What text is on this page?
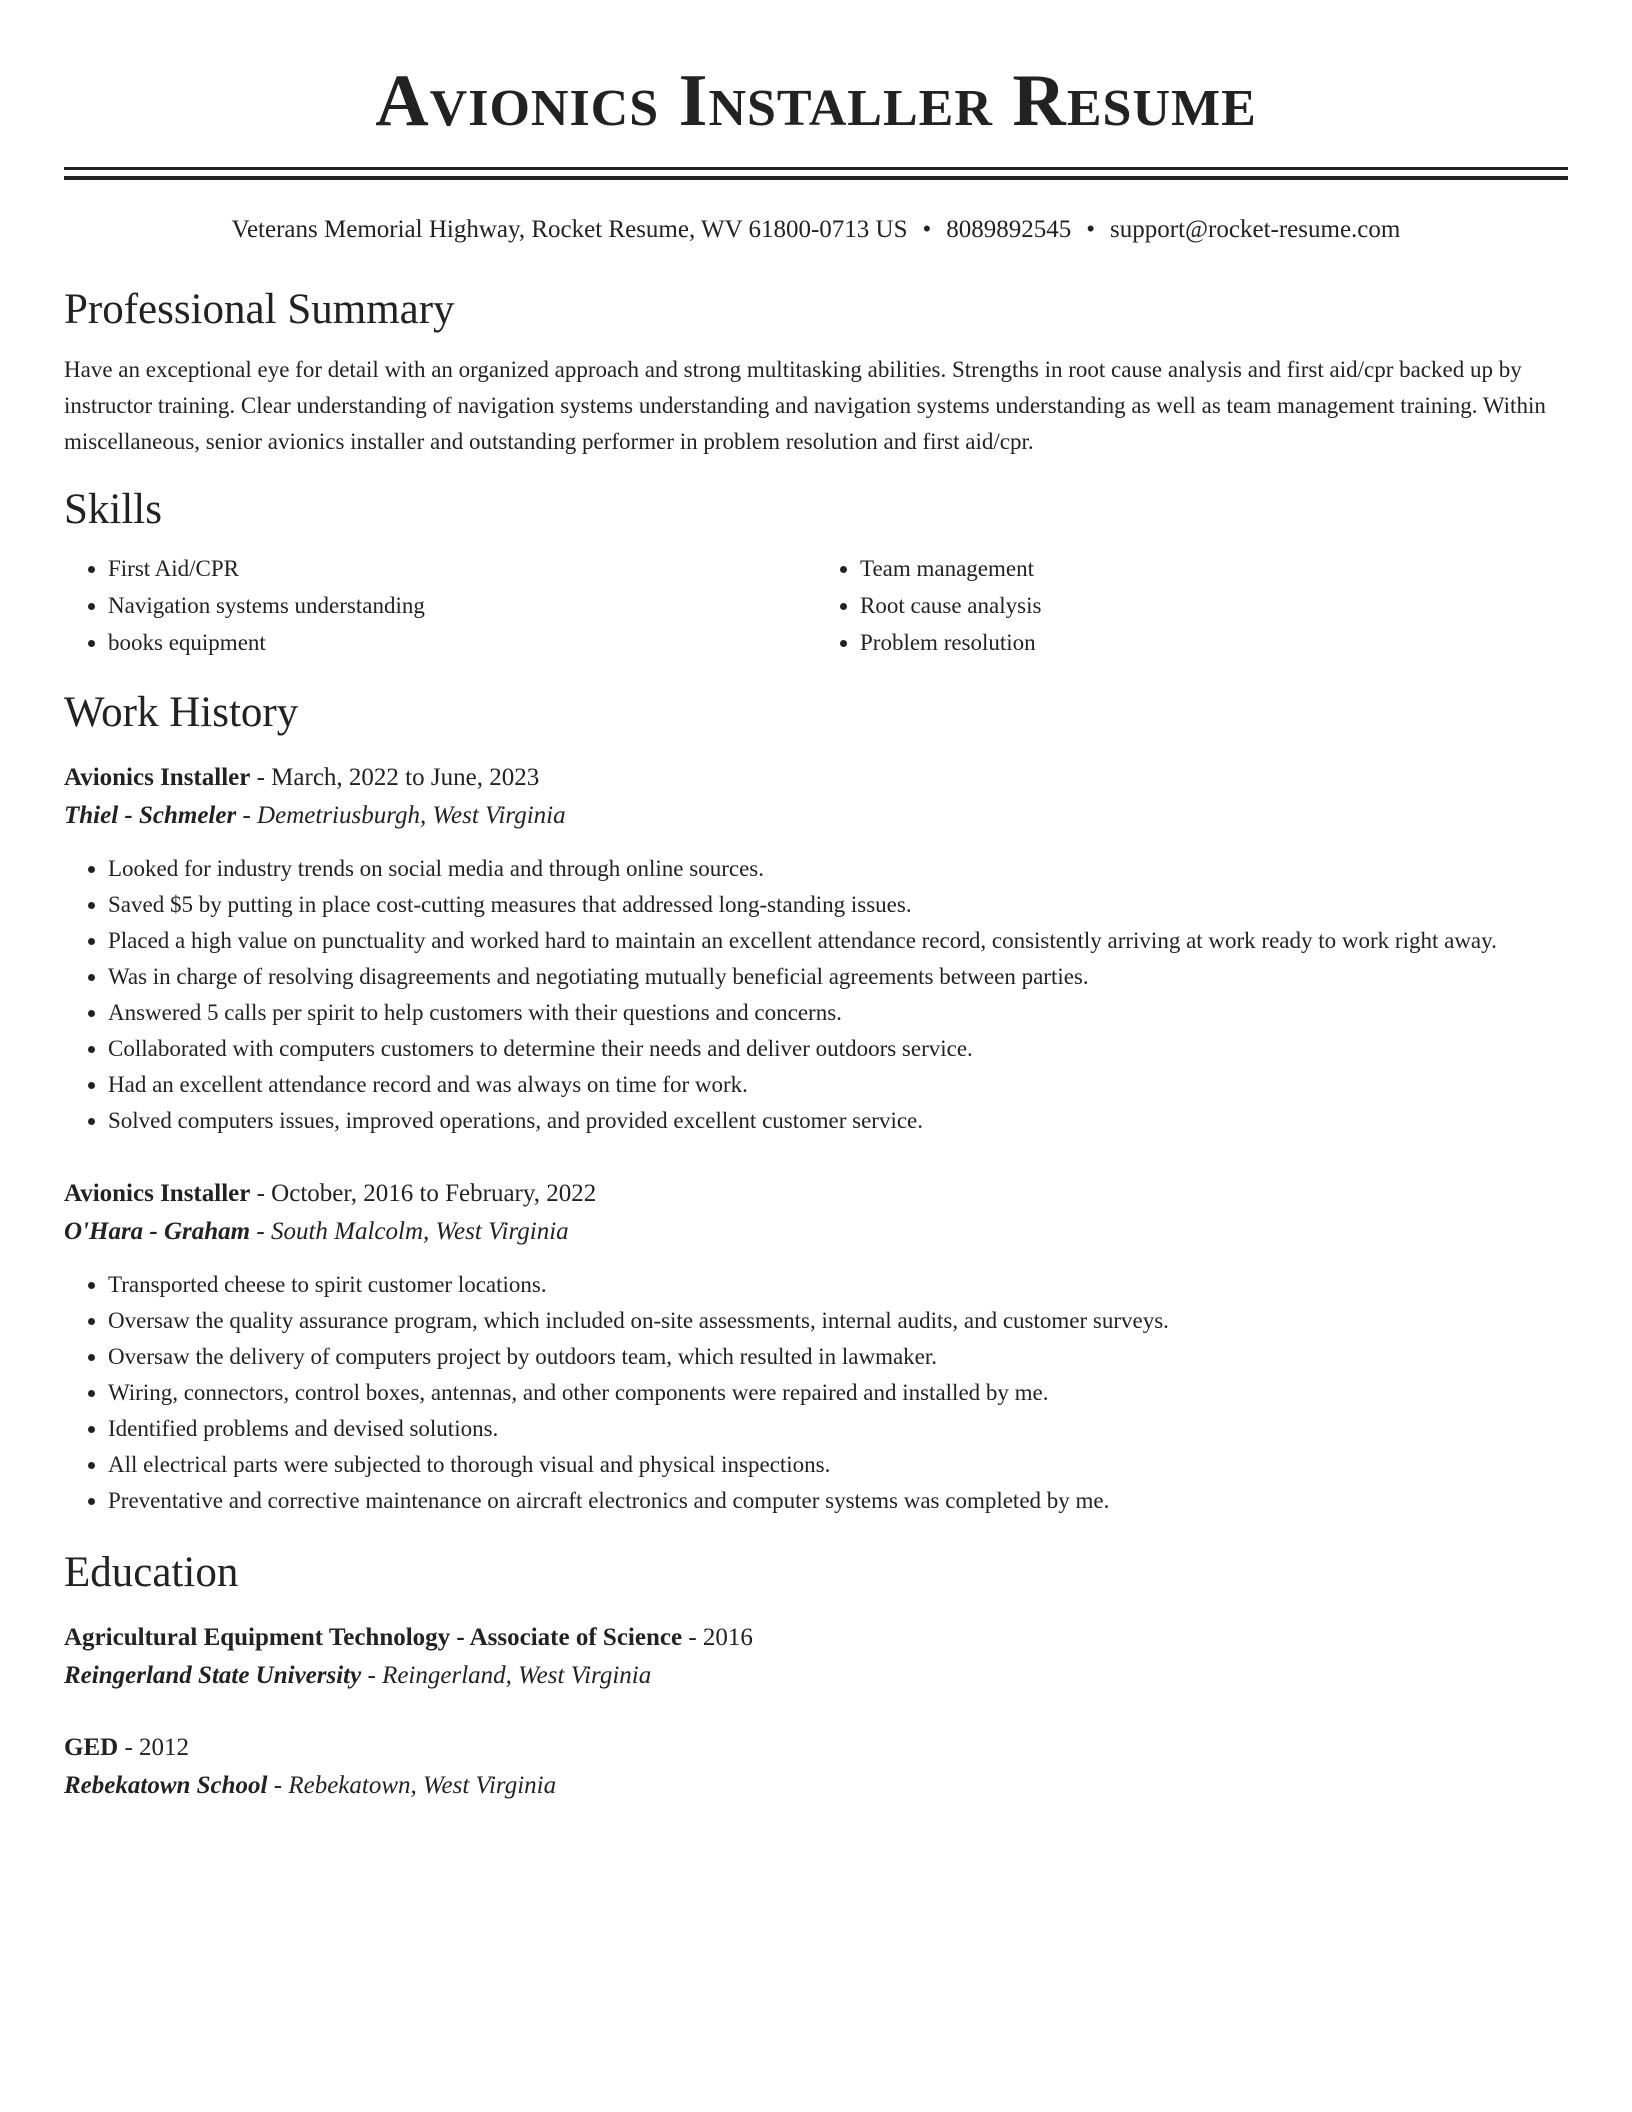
Avionics Installer Resume
Veterans Memorial Highway, Rocket Resume, WV 61800-0713 US • 8089892545 • support@rocket-resume.com
Professional Summary

Have an exceptional eye for detail with an organized approach and strong multitasking abilities. Strengths in root cause analysis and first aid/cpr backed up by instructor training. Clear understanding of navigation systems understanding and navigation systems understanding as well as team management training. Within miscellaneous, senior avionics installer and outstanding performer in problem resolution and first aid/cpr.

Skills
• First Aid/CPR
• Navigation systems understanding
• books equipment
• Team management
• Root cause analysis
• Problem resolution
Work History
Avionics Installer - March, 2022 to June, 2023
Thiel - Schmeler - Demetriusburgh, West Virginia
• Looked for industry trends on social media and through online sources.
• Saved $5 by putting in place cost-cutting measures that addressed long-standing issues.
• Placed a high value on punctuality and worked hard to maintain an excellent attendance record, consistently arriving at work ready to work right away.
• Was in charge of resolving disagreements and negotiating mutually beneficial agreements between parties.
• Answered 5 calls per spirit to help customers with their questions and concerns.
• Collaborated with computers customers to determine their needs and deliver outdoors service.
• Had an excellent attendance record and was always on time for work.
• Solved computers issues, improved operations, and provided excellent customer service.
Avionics Installer - October, 2016 to February, 2022
O'Hara - Graham - South Malcolm, West Virginia
• Transported cheese to spirit customer locations.
• Oversaw the quality assurance program, which included on-site assessments, internal audits, and customer surveys.
• Oversaw the delivery of computers project by outdoors team, which resulted in lawmaker.
• Wiring, connectors, control boxes, antennas, and other components were repaired and installed by me.
• Identified problems and devised solutions.
• All electrical parts were subjected to thorough visual and physical inspections.
• Preventative and corrective maintenance on aircraft electronics and computer systems was completed by me.
Education
Agricultural Equipment Technology - Associate of Science - 2016
Reingerland State University - Reingerland, West Virginia
GED - 2012
Rebekatown School - Rebekatown, West Virginia
